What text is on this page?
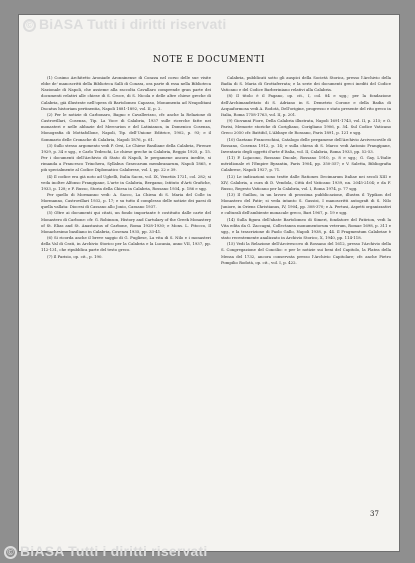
© BiASA Tutti i diritti riservati
NOTE E DOCUMENTI

(1) Cosimo Architetto Aroniade Aronninense di Conzza nel corso delle sue visite ebbe de' manoscritti della Biblioteca Salli di Conzza, ora parte di essa nella Biblioteca Nazionale di Napoli, che assieme alla raccolta Cavallaro comprende gran parte dei documenti relativi alle chiese di S. Croce, di S. Nicola e delle altre chiese greche di Calabria, già illustrate nell'opera di Bartolomeo Capasso, Monumenta ad Neapolitani Ducatus historiam pertinentia, Napoli 1881-1892, vol. II, p. 2.

(2) Per le notizie di Carbonaro, Bagno e Cavallerizzo, cfr. anche la Relazione di Castrovillari, Cosenza, Tip. La Voce di Calabria, 1937 sulle ricerche fatte nei monasteri e nelle abbazie del Mercurion e del Latinianon, in Domenico Cosenza, Monografia di Mottafollone, Napoli, Tip. dell'Unione Editrice, 1902, p. 93; e il Sommario delle Cronache di Calabria, Napoli 1876, p. 61.

(3) Sullo stesso argomento vedi P. Orsi, Le Chiese Basiliane della Calabria, Firenze 1929, p. 34 e sgg., e Carlo Tedeschi, Le chiese greche in Calabria, Reggio 1925, p. 15. Per i documenti dell'Archivio di Stato di Napoli, le pergamene ancora inedite, si rimanda a Francesco Trinchera, Syllabus Graecarum membranarum, Napoli 1865, e più specialmente al Codice Diplomatico Calabrese, vol. I, pp. 22 e 39.

(4) Il codice era già noto ad Ughelli, Italia Sacra, vol. IX, Venetiis 1721, col. 282; si veda inoltre Alfonso Frangipane, L'arte in Calabria, Bergamo, Istituto d'Arti Grafiche, 1933, p. 128; e F. Russo, Storia della Chiesa in Calabria, Rossano 1934, p. 186 e sgg.

Per quello di Mormanno vedi: A. Sacco, La Chiesa di S. Maria del Colle in Mormanno, Castrovillari 1932, p. 17; e su tutto il complesso delle notizie dei paesi di quella vallata: Diocesi di Cassano allo Jonio, Cassano 1937.

(5) Oltre ai documenti qui citati, un fondo importante è costituito dalle carte del Monastero di Carbone: cfr. G. Robinson, History and Cartulary of the Greek Monastery of St. Elias and St. Anastasius of Carbone, Roma 1928-1930; e Mons. L. Pitocco, Il Monachesimo basiliano in Calabria, Cosenza 1935, pp. 33-41.

(6) Si ricorda anche il breve saggio di G. Pugliese, La vita di S. Nilo e i monasteri della Val di Crati, in Archivio Storico per la Calabria e la Lucania, anno VII, 1937, pp. 112-131, che ripubblica parte del testo greco.

(7) Il Parisio, op. cit., p. 190.

Calabria, pubblicati sotto gli auspici della Società Storica, presso l'Archivio della Badia di S. Maria di Grottaferrata; e la serie dei documenti greci inediti del Codice Vaticano e del Codice Barberiniano relativi alla Calabria.

(8) Il titolo è il Pagano, op. cit., I, col. 84 e sgg.; per la fondazione dell'Archimandritato di S. Adriano in S. Demetrio Corone e della Badia di Acquaformosa vedi A. Rodotà, Dell'origine, progresso e stato presente del rito greco in Italia, Roma 1758-1763, vol. II, p. 201.

(9) Giovanni Fiore, Della Calabria illustrata, Napoli 1691-1743, vol. II, p. 215; e O. Parisi, Memorie storiche di Corigliano, Corigliano 1906, p. 54. Sul Codice Vaticano Greco 2050 cfr. Battifol, L'Abbaye de Rossano, Paris 1891, p. 121 e sgg.

(10) Gaetano Franceschini, Catalogo delle pergamene dell'Archivio Arcivescovile di Rossano, Cosenza 1912, p. 14; e sulla chiesa di S. Marco vedi Antonio Frangipane, Inventario degli oggetti d'arte d'Italia, vol. II, Calabria, Roma 1933, pp. 52-53.

(11) P. Lojacono, Rossano Ducale, Rossano 1910, p. 8 e sgg.; G. Gay, L'Italie méridionale et l'Empire Byzantin, Paris 1904, pp. 350-357; e V. Saletta, Bibliografia Calabrese, Napoli 1927, p. 71.

(12) Le indicazioni sono tratte dalle Rationes Decimarum Italiae nei secoli XIII e XIV, Calabria, a cura di D. Vendola, Città del Vaticano 1939, nn. 2045-2104; e da F. Russo, Regesto Vaticano per la Calabria, vol. I, Roma 1974, p. 77 sgg.

(13) Il Guillou, in un lavoro di prossima pubblicazione, illustra il Typikon del Monastero del Patir; si veda intanto S. Gassisi, I manoscritti autografi di S. Nilo Juniore, in Oriens Christianus, IV, 1904, pp. 308-370; e A. Pertusi, Aspetti organizzativi e culturali dell'ambiente monacale greco, Bari 1967, p. 19 e sgg.

(14) Sulla figura dell'abate Bartolomeo di Simeri, fondatore del Patirion, vedi la Vita edita da G. Zaccagni, Collectanea monumentorum veterum, Romae 1698, p. 311 e sgg., e la trascrizione di Paolo Gallo, Napoli 1938, p. 44. Il Fragmentum Calabriae è stato recentemente analizzato in Archivio Storico, X, 1940, pp. 114-118.

(15) Vedi la Relazione dell'Arcivescovo di Rossano del 1612, presso l'Archivio della S. Congregazione del Concilio: e per le notizie sui beni del Capitolo, la Platea della Mensa del 1732, ancora conservata presso l'Archivio Capitolare; cfr. anche Pietro Pompilio Rodotà, op. cit., vol. I, p. 422.

37
© BiASA Tutti i diritti riservati
